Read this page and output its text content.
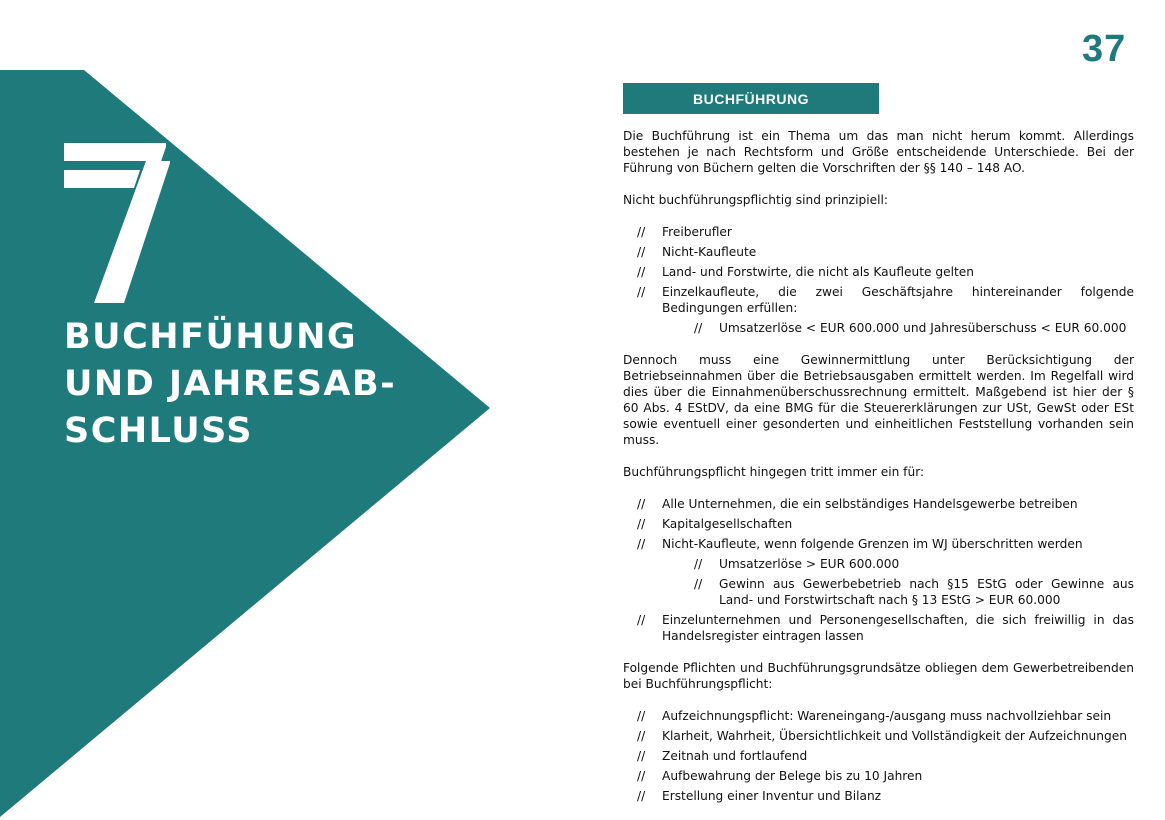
36	37
BUCHFÜHUNG
UND JAHRESAB-
SCHLUSS
BUCHFÜHRUNG

Die Buchführung ist ein Thema um das man nicht herum kommt. Allerdings bestehen je nach Rechtsform und Größe entscheidende Unterschiede. Bei der Führung von Büchern gelten die Vorschriften der §§ 140 – 148 AO.

Nicht buchführungspflichtig sind prinzipiell:

// Freiberufler
// Nicht-Kaufleute
// Land- und Forstwirte, die nicht als Kaufleute gelten
// Einzelkaufleute, die zwei Geschäftsjahre hintereinander folgende Bedingungen erfüllen:
// Umsatzerlöse < EUR 600.000 und Jahresüberschuss < EUR 60.000

Dennoch muss eine Gewinnermittlung unter Berücksichtigung der Betriebseinnahmen über die Betriebsausgaben ermittelt werden. Im Regelfall wird dies über die Einnahmenüberschussrechnung ermittelt. Maßgebend ist hier der § 60 Abs. 4 EStDV, da eine BMG für die Steuererklärungen zur USt, GewSt oder ESt sowie eventuell einer gesonderten und einheitlichen Feststellung vorhanden sein muss.

Buchführungspflicht hingegen tritt immer ein für:

// Alle Unternehmen, die ein selbständiges Handelsgewerbe betreiben
// Kapitalgesellschaften
// Nicht-Kaufleute, wenn folgende Grenzen im WJ überschritten werden
// Umsatzerlöse > EUR 600.000
// Gewinn aus Gewerbebetrieb nach §15 EStG oder Gewinne aus Land- und Forstwirtschaft nach § 13 EStG > EUR 60.000
// Einzelunternehmen und Personengesellschaften, die sich freiwillig in das Handelsregister eintragen lassen

Folgende Pflichten und Buchführungsgrundsätze obliegen dem Gewerbetreibenden bei Buchführungspflicht:

// Aufzeichnungspflicht: Wareneingang-/ausgang muss nachvollziehbar sein
// Klarheit, Wahrheit, Übersichtlichkeit und Vollständigkeit der Aufzeichnungen
// Zeitnah und fortlaufend
// Aufbewahrung der Belege bis zu 10 Jahren
// Erstellung einer Inventur und Bilanz
